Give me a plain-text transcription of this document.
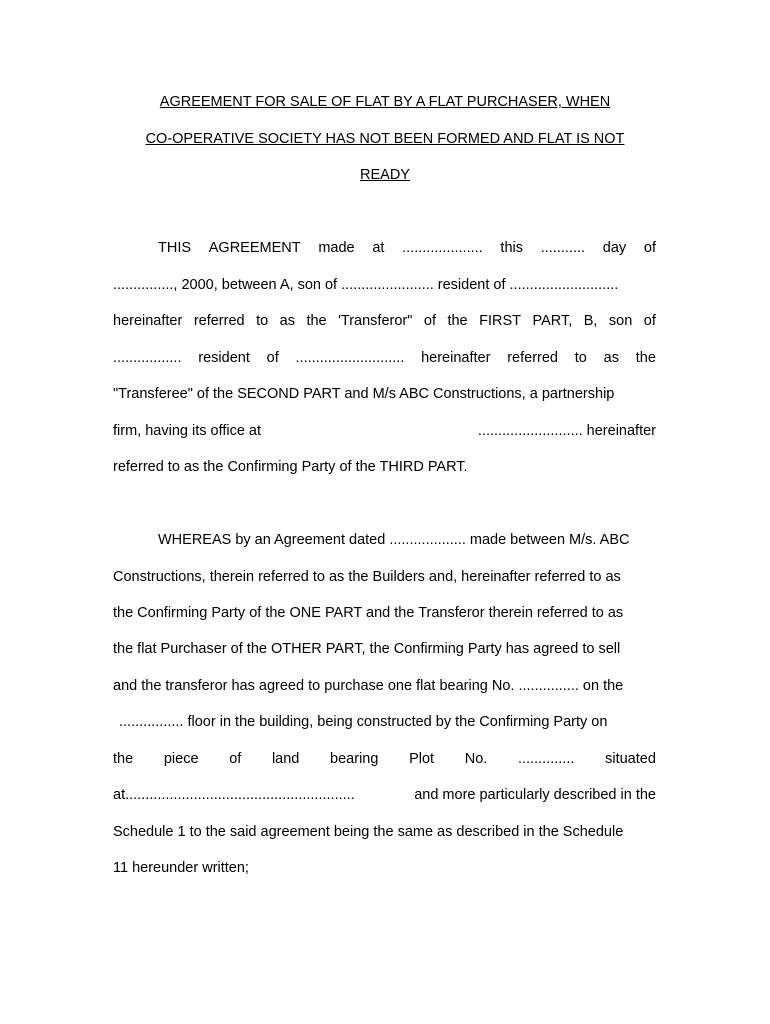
AGREEMENT FOR SALE OF FLAT BY A FLAT PURCHASER, WHEN
CO-OPERATIVE SOCIETY HAS NOT BEEN FORMED AND FLAT IS NOT
READY
THIS AGREEMENT made at .................... this ........... day of
..............., 2000, between A, son of ....................... resident of ...........................
hereinafter referred to as the 'Transferor" of the FIRST PART, B, son of
................. resident of ........................... hereinafter referred to as the
"Transferee" of the SECOND PART and M/s ABC Constructions, a partnership
firm, having its office at	.......................... hereinafter
referred to as the Confirming Party of the THIRD PART.
WHEREAS by an Agreement dated ................... made between M/s. ABC
Constructions, therein referred to as the Builders and, hereinafter referred to as
the Confirming Party of the ONE PART and the Transferor therein referred to as
the flat Purchaser of the OTHER PART, the Confirming Party has agreed to sell
and the transferor has agreed to purchase one flat bearing No. ............... on the
................ floor in the building, being constructed by the Confirming Party on
the piece of land bearing Plot No. .............. situated
at.........................................................	and more particularly described in the
Schedule 1 to the said agreement being the same as described in the Schedule
11 hereunder written;
